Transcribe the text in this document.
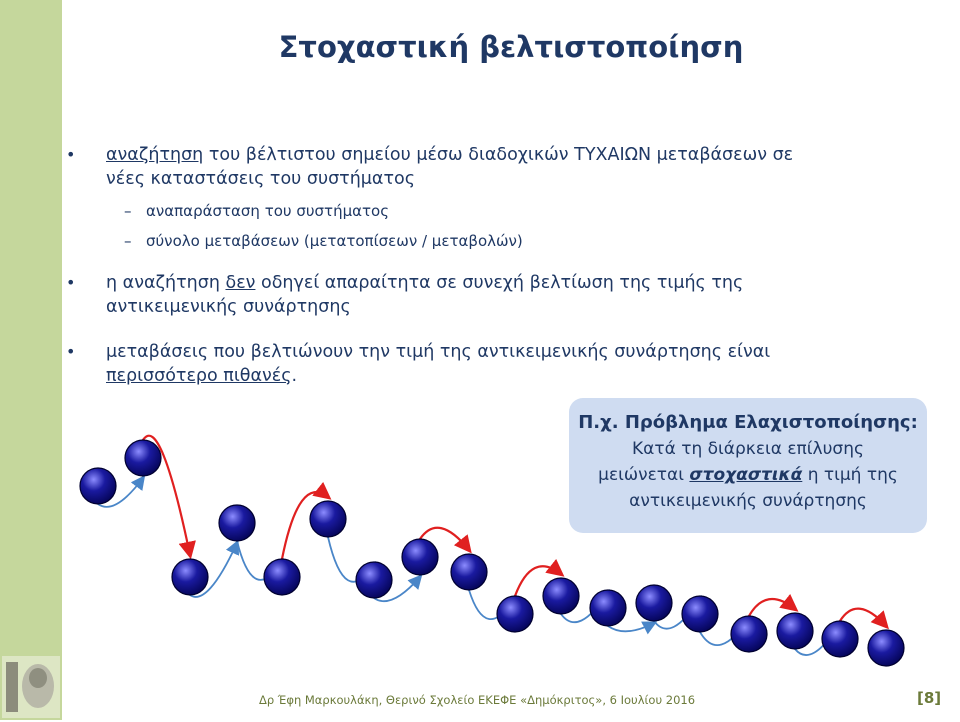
Στοχαστική βελτιστοποίηση
• αναζήτηση του βέλτιστου σημείου μέσω διαδοχικών ΤΥΧΑΙΩΝ μεταβάσεων σε
νέες καταστάσεις του συστήματος
– αναπαράσταση του συστήματος
– σύνολο μεταβάσεων (μετατοπίσεων / μεταβολών)
• η αναζήτηση δεν οδηγεί απαραίτητα σε συνεχή βελτίωση της τιμής της
αντικειμενικής συνάρτησης
• μεταβάσεις που βελτιώνουν την τιμή της αντικειμενικής συνάρτησης είναι
περισσότερο πιθανές.
Π.χ. Πρόβλημα Ελαχιστοποίησης:
Κατά τη διάρκεια επίλυσης
μειώνεται στοχαστικά η τιμή της
αντικειμενικής συνάρτησης
Δρ Έφη Μαρκουλάκη, Θερινό Σχολείο ΕΚΕΦΕ «Δημόκριτος», 6 Ιουλίου 2016	[8]
